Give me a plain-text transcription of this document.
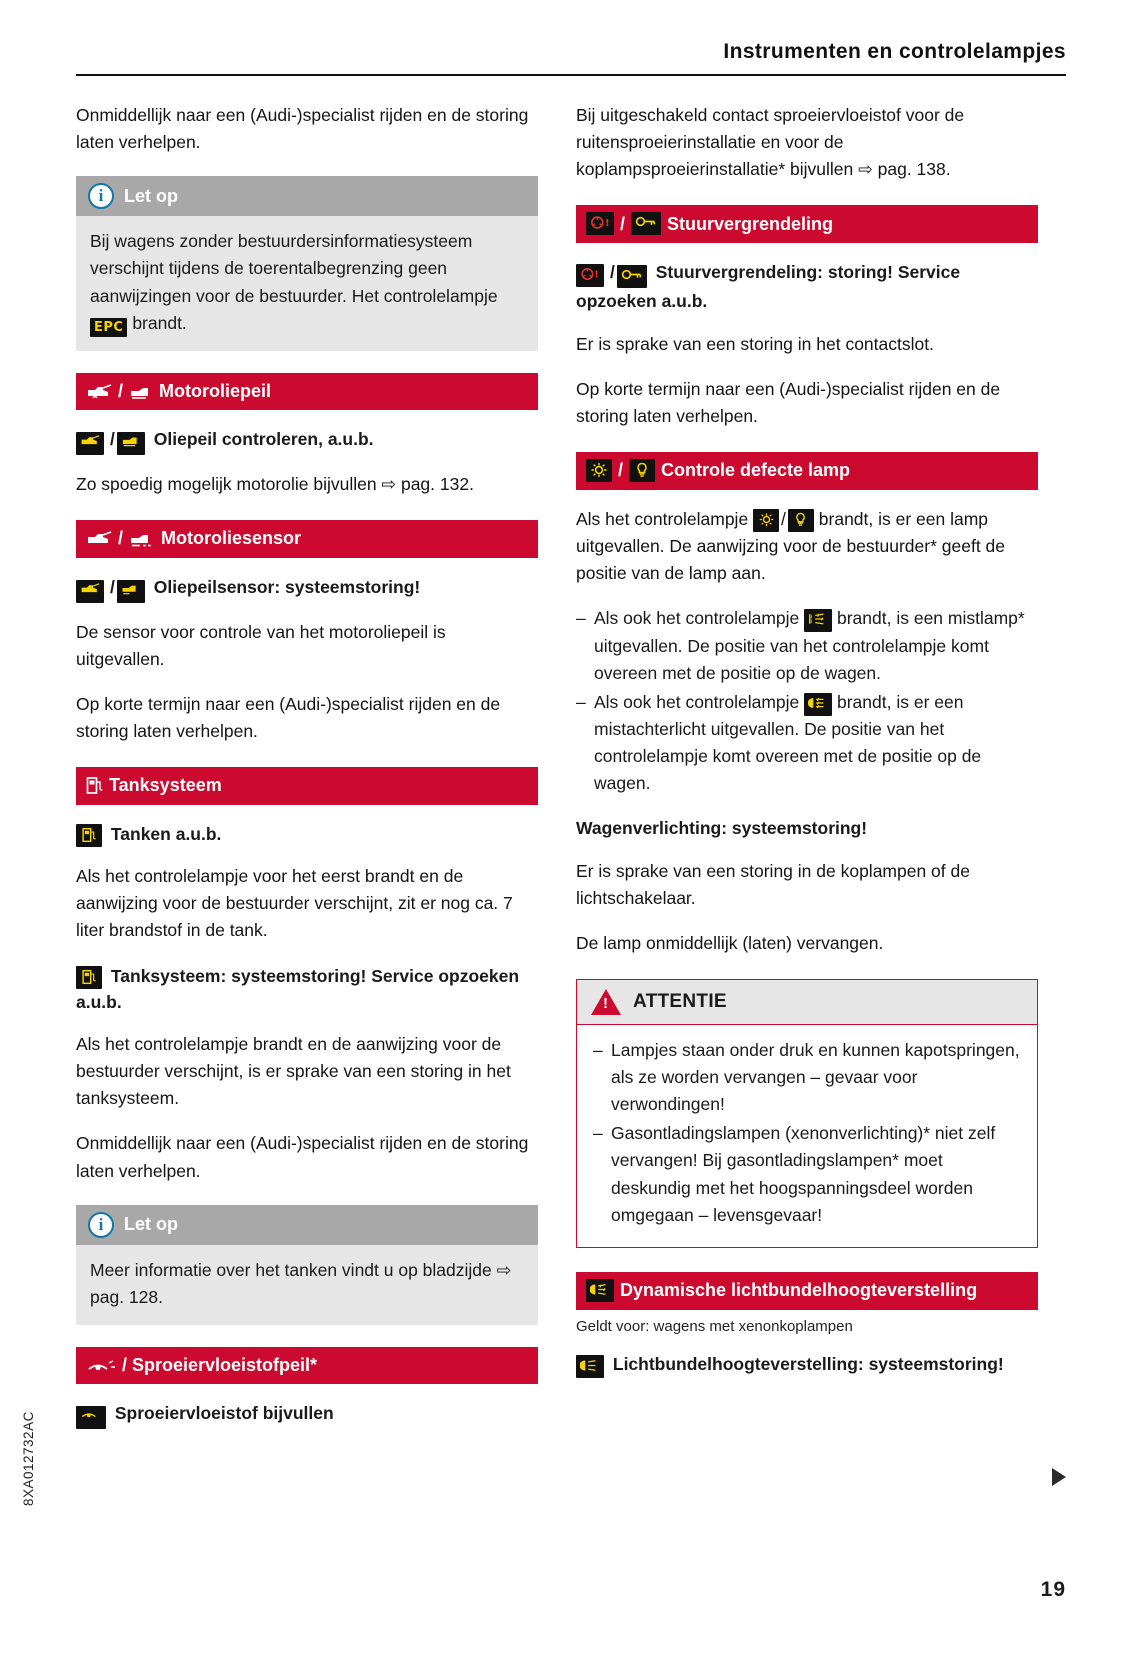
Instrumenten en controlelampjes

Onmiddellijk naar een (Audi-)specialist rijden en de storing laten verhelpen.

i	Let op
Bij wagens zonder bestuurdersinformatiesysteem verschijnt tijdens de toerentalbegrenzing geen aanwijzingen voor de bestuurder. Het controlelampje EPC brandt.
/ Motoroliepeil
/ Oliepeil controleren, a.u.b.

Zo spoedig mogelijk motorolie bijvullen ⇨ pag. 132.

/ Motoroliesensor
/ Oliepeilsensor: systeemstoring!

De sensor voor controle van het motoroliepeil is uitgevallen.

Op korte termijn naar een (Audi-)specialist rijden en de storing laten verhelpen.

Tanksysteem
Tanken a.u.b.

Als het controlelampje voor het eerst brandt en de aanwijzing voor de bestuurder verschijnt, zit er nog ca. 7 liter brandstof in de tank.

Tanksysteem: systeemstoring! Service opzoeken a.u.b.

Als het controlelampje brandt en de aanwijzing voor de bestuurder verschijnt, is er sprake van een storing in het tanksysteem.

Onmiddellijk naar een (Audi-)specialist rijden en de storing laten verhelpen.

i	Let op
Meer informatie over het tanken vindt u op bladzijde ⇨ pag. 128.
/ Sproeiervloeistofpeil*
Sproeiervloeistof bijvullen

Bij uitgeschakeld contact sproeiervloeistof voor de ruitensproeierinstallatie en voor de koplampsproeierinstallatie* bijvullen ⇨ pag. 138.

! / Stuurvergrendeling
! / Stuurvergrendeling: storing! Service opzoeken a.u.b.

Er is sprake van een storing in het contactslot.

Op korte termijn naar een (Audi-)specialist rijden en de storing laten verhelpen.

/ Controle defecte lamp

Als het controlelampje / brandt, is er een lamp uitgevallen. De aanwijzing voor de bestuurder* geeft de positie van de lamp aan.

– Als ook het controlelampje  brandt, is een mistlamp* uitgevallen. De positie van het controlelampje komt overeen met de positie op de wagen.
– Als ook het controlelampje  brandt, is er een mistachterlicht uitgevallen. De positie van het controlelampje komt overeen met de positie op de wagen.
Wagenverlichting: systeemstoring!

Er is sprake van een storing in de koplampen of de lichtschakelaar.

De lamp onmiddellijk (laten) vervangen.

!
ATTENTIE
– Lampjes staan onder druk en kunnen kapotspringen, als ze worden vervangen – gevaar voor verwondingen!
– Gasontladingslampen (xenonverlichting)* niet zelf vervangen! Bij gasontladingslampen* moet deskundig met het hoogspanningsdeel worden omgegaan – levensgevaar!
Dynamische lichtbundelhoogteverstelling
Geldt voor: wagens met xenonkoplampen
Lichtbundelhoogteverstelling: systeemstoring!
8XA012732AC
19
